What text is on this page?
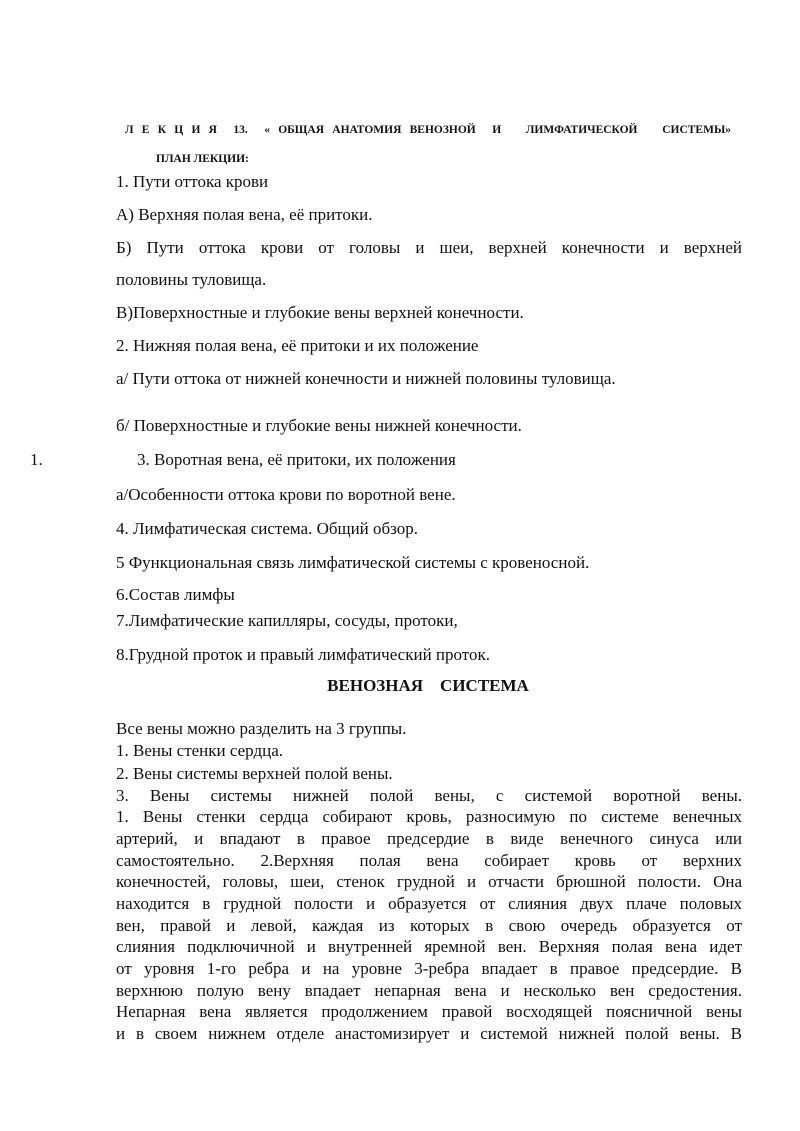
Л Е К Ц И Я  13.  « ОБЩАЯ АНАТОМИЯ ВЕНОЗНОЙ  И   ЛИМФАТИЧЕСКОЙ   СИСТЕМЫ»
ПЛАН ЛЕКЦИИ:
1. Пути оттока крови
А) Верхняя полая вена, её притоки.
Б) Пути оттока крови от головы и шеи, верхней конечности и верхней
половины туловища.
В)Поверхностные и глубокие вены верхней конечности.
2. Нижняя полая вена, её притоки и их положение
а/ Пути оттока от нижней конечности и нижней половины туловища.
б/ Поверхностные и глубокие вены нижней конечности.
1.	3. Воротная вена, её притоки, их положения
а/Особенности оттока крови по воротной вене.
4. Лимфатическая система. Общий обзор.
5 Функциональная связь лимфатической системы с кровеносной.
6.Состав лимфы
7.Лимфатические капилляры, сосуды, протоки,
8.Грудной проток и правый лимфатический проток.
ВЕНОЗНАЯ    СИСТЕМА
Все вены можно разделить на 3 группы.
1. Вены стенки сердца.
2. Вены системы верхней полой вены.
3. Вены системы нижней полой вены, с системой воротной вены.
1. Вены стенки сердца собирают кровь, разносимую по системе венечных
артерий, и впадают в правое предсердие в виде венечного синуса или
самостоятельно. 2.Верхняя полая вена собирает кровь от верхних
конечностей, головы, шеи, стенок грудной и отчасти брюшной полости. Она
находится в грудной полости и образуется от слияния двух плаче половых
вен, правой и левой, каждая из которых в свою очередь образуется от
слияния подключичной и внутренней яремной вен. Верхняя полая вена идет
от уровня 1-го ребра и на уровне 3-ребра впадает в правое предсердие. В
верхнюю полую вену впадает непарная вена и несколько вен средостения.
Непарная вена является продолжением правой восходящей поясничной вены
и в своем нижнем отделе анастомизирует и системой нижней полой вены. В
